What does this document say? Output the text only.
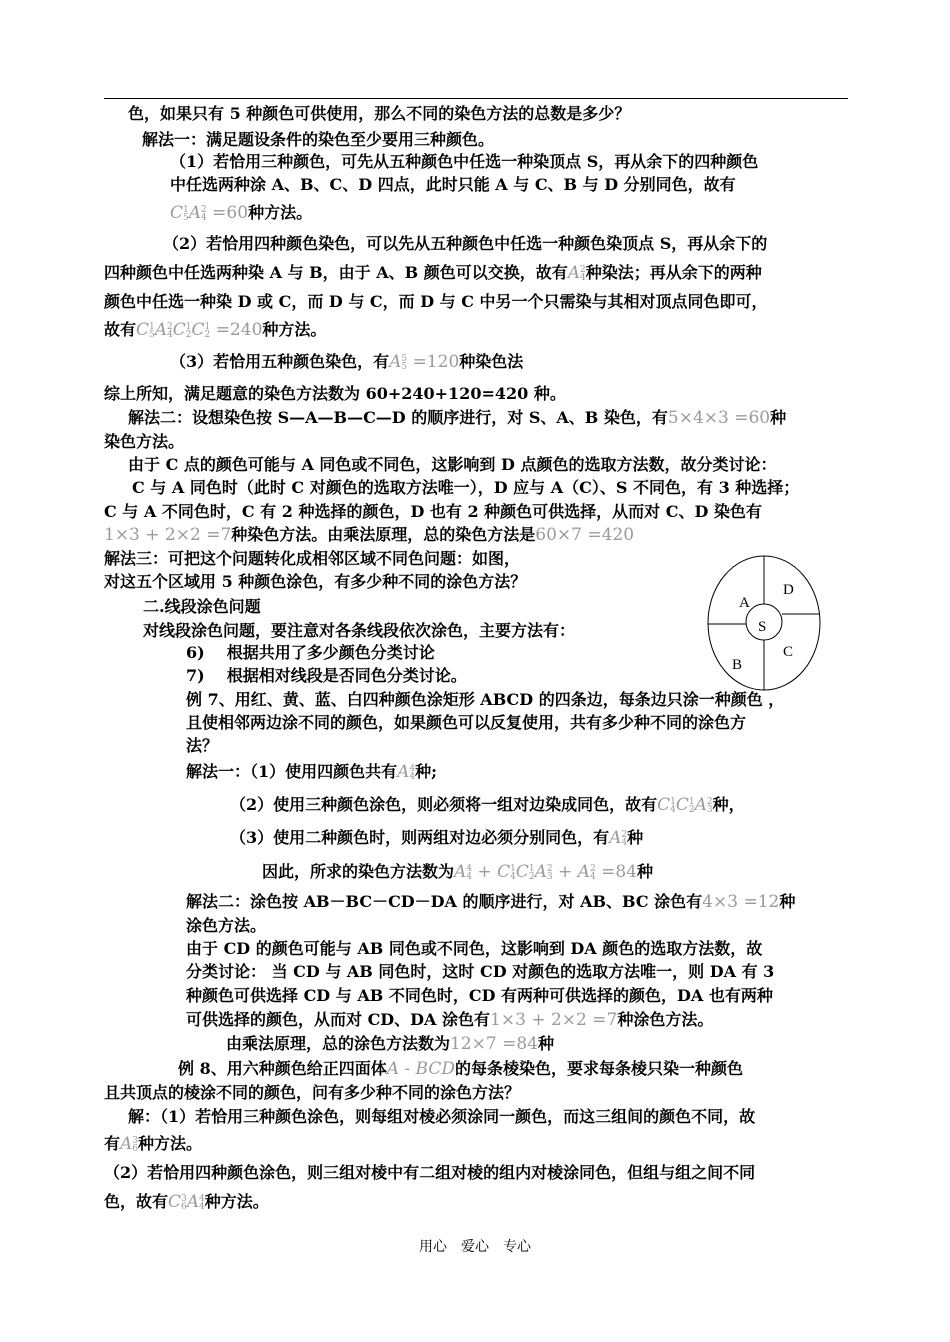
色，如果只有 5 种颜色可供使用，那么不同的染色方法的总数是多少？
解法一：满足题设条件的染色至少要用三种颜色。
（1）若恰用三种颜色，可先从五种颜色中任选一种染顶点 S，再从余下的四种颜色
中任选两种涂 A、B、C、D 四点，此时只能 A 与 C、B 与 D 分别同色，故有
C 1
5 A 2
4 =60种方法。
（2）若恰用四种颜色染色，可以先从五种颜色中任选一种颜色染顶点 S，再从余下的
四种颜色中任选两种染 A 与 B，由于 A、B 颜色可以交换，故有A 2
4 种染法；再从余下的两种
颜色中任选一种染 D 或 C，而 D 与 C，而 D 与 C 中另一个只需染与其相对顶点同色即可，
故有C 1
5 A 2
4 C 1
2 C 1
2 =240种方法。
（3）若恰用五种颜色染色，有A 5
5 =120种染色法
综上所知，满足题意的染色方法数为 60+240+120=420 种。
解法二：设想染色按 S—A—B—C—D 的顺序进行，对 S、A、B 染色，有5×4×3 =60种
染色方法。
由于 C 点的颜色可能与 A 同色或不同色，这影响到 D 点颜色的选取方法数，故分类讨论：
C 与 A 同色时（此时 C 对颜色的选取方法唯一），D 应与 A（C）、S 不同色，有 3 种选择；
C 与 A 不同色时，C 有 2 种选择的颜色，D 也有 2 种颜色可供选择，从而对 C、D 染色有
1×3 + 2×2 =7种染色方法。由乘法原理，总的染色方法是60×7 =420
解法三：可把这个问题转化成相邻区域不同色问题：如图，
对这五个区域用 5 种颜色涂色，有多少种不同的涂色方法？
二.线段涂色问题
对线段涂色问题，要注意对各条线段依次涂色，主要方法有：
6) 根据共用了多少颜色分类讨论
7) 根据相对线段是否同色分类讨论。
例 7、用红、黄、蓝、白四种颜色涂矩形 ABCD 的四条边，每条边只涂一种颜色 ，
且使相邻两边涂不同的颜色，如果颜色可以反复使用，共有多少种不同的涂色方
法？
解法一：（1）使用四颜色共有A 4
4 种;
（2）使用三种颜色涂色，则必须将一组对边染成同色，故有C 1
4 C 1
2 A 2
3 种，
（3）使用二种颜色时，则两组对边必须分别同色，有A 2
4 种
因此，所求的染色方法数为A 4
4 + C 1
4 C 1
2 A 2
3 + A 2
4 =84种
解法二：涂色按 AB－BC－CD－DA 的顺序进行，对 AB、BC 涂色有4×3 =12种
涂色方法。
由于 CD 的颜色可能与 AB 同色或不同色，这影响到 DA 颜色的选取方法数，故
分类讨论： 当 CD 与 AB 同色时，这时 CD 对颜色的选取方法唯一，则 DA 有 3
种颜色可供选择 CD 与 AB 不同色时，CD 有两种可供选择的颜色，DA 也有两种
可供选择的颜色，从而对 CD、DA 涂色有1×3 + 2×2 =7种涂色方法。
由乘法原理，总的涂色方法数为12×7 =84种
例 8、用六种颜色给正四面体A - BCD的每条棱染色，要求每条棱只染一种颜色
且共顶点的棱涂不同的颜色，问有多少种不同的涂色方法？
解：（1）若恰用三种颜色涂色，则每组对棱必须涂同一颜色，而这三组间的颜色不同，故
有A 3
6 种方法。
（2）若恰用四种颜色涂色，则三组对棱中有二组对棱的组内对棱涂同色，但组与组之间不同
色，故有C 3
6 A 4
4 种方法。
A
D
S
C
B
用心　爱心　专心
